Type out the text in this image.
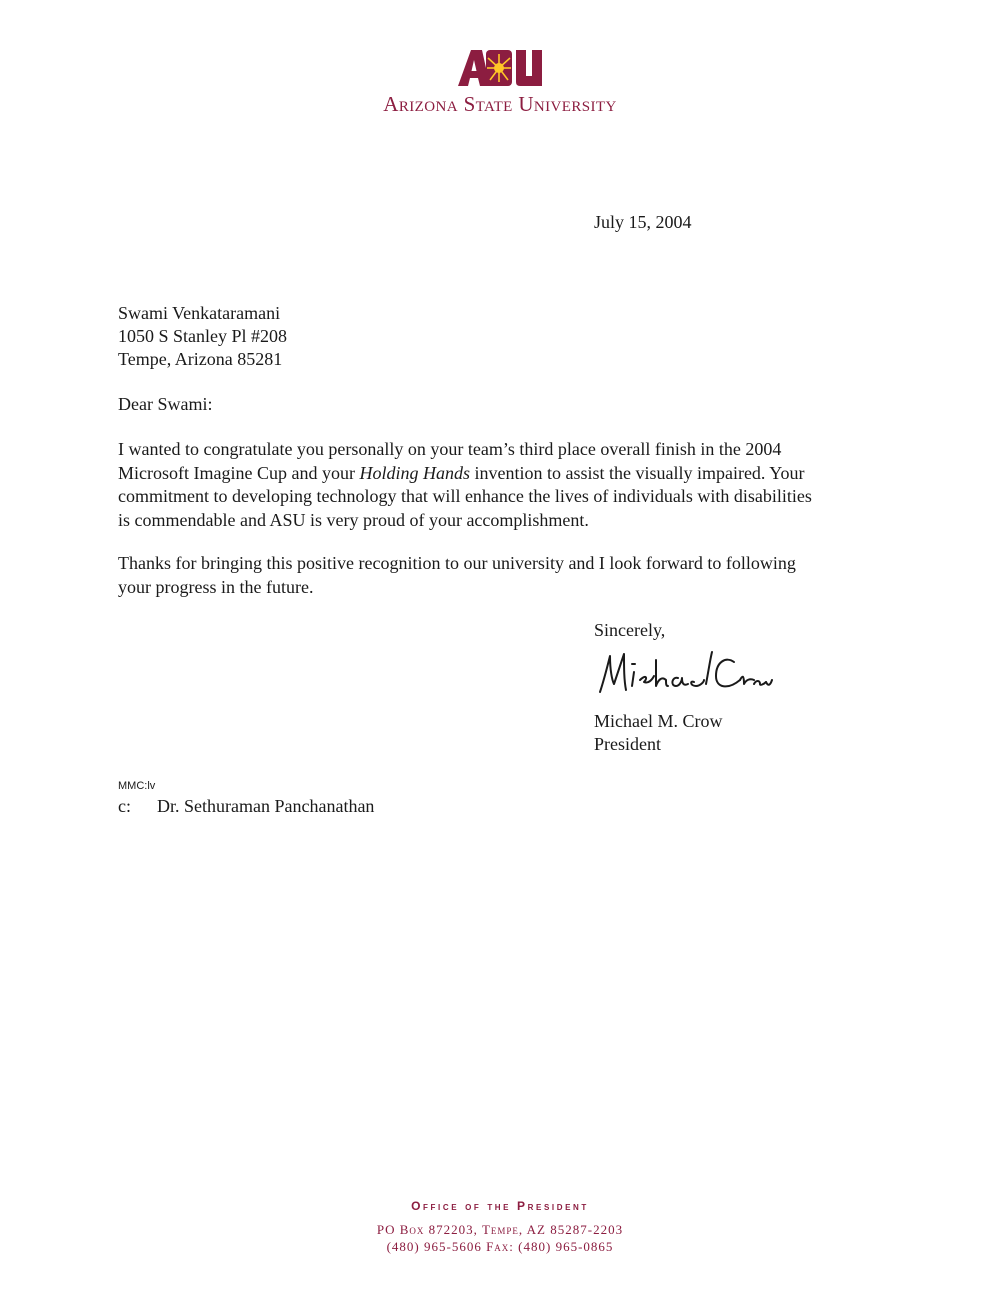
Arizona State University
July 15, 2004
Swami Venkataramani
1050 S Stanley Pl #208
Tempe, Arizona 85281
Dear Swami:
I wanted to congratulate you personally on your team’s third place overall finish in the 2004
Microsoft Imagine Cup and your Holding Hands invention to assist the visually impaired. Your
commitment to developing technology that will enhance the lives of individuals with disabilities
is commendable and ASU is very proud of your accomplishment.
Thanks for bringing this positive recognition to our university and I look forward to following
your progress in the future.
Sincerely,
Michael M. Crow
President
MMC:lv
c: Dr. Sethuraman Panchanathan
Office of the President
PO Box 872203, Tempe, AZ 85287-2203
(480) 965-5606 Fax: (480) 965-0865
